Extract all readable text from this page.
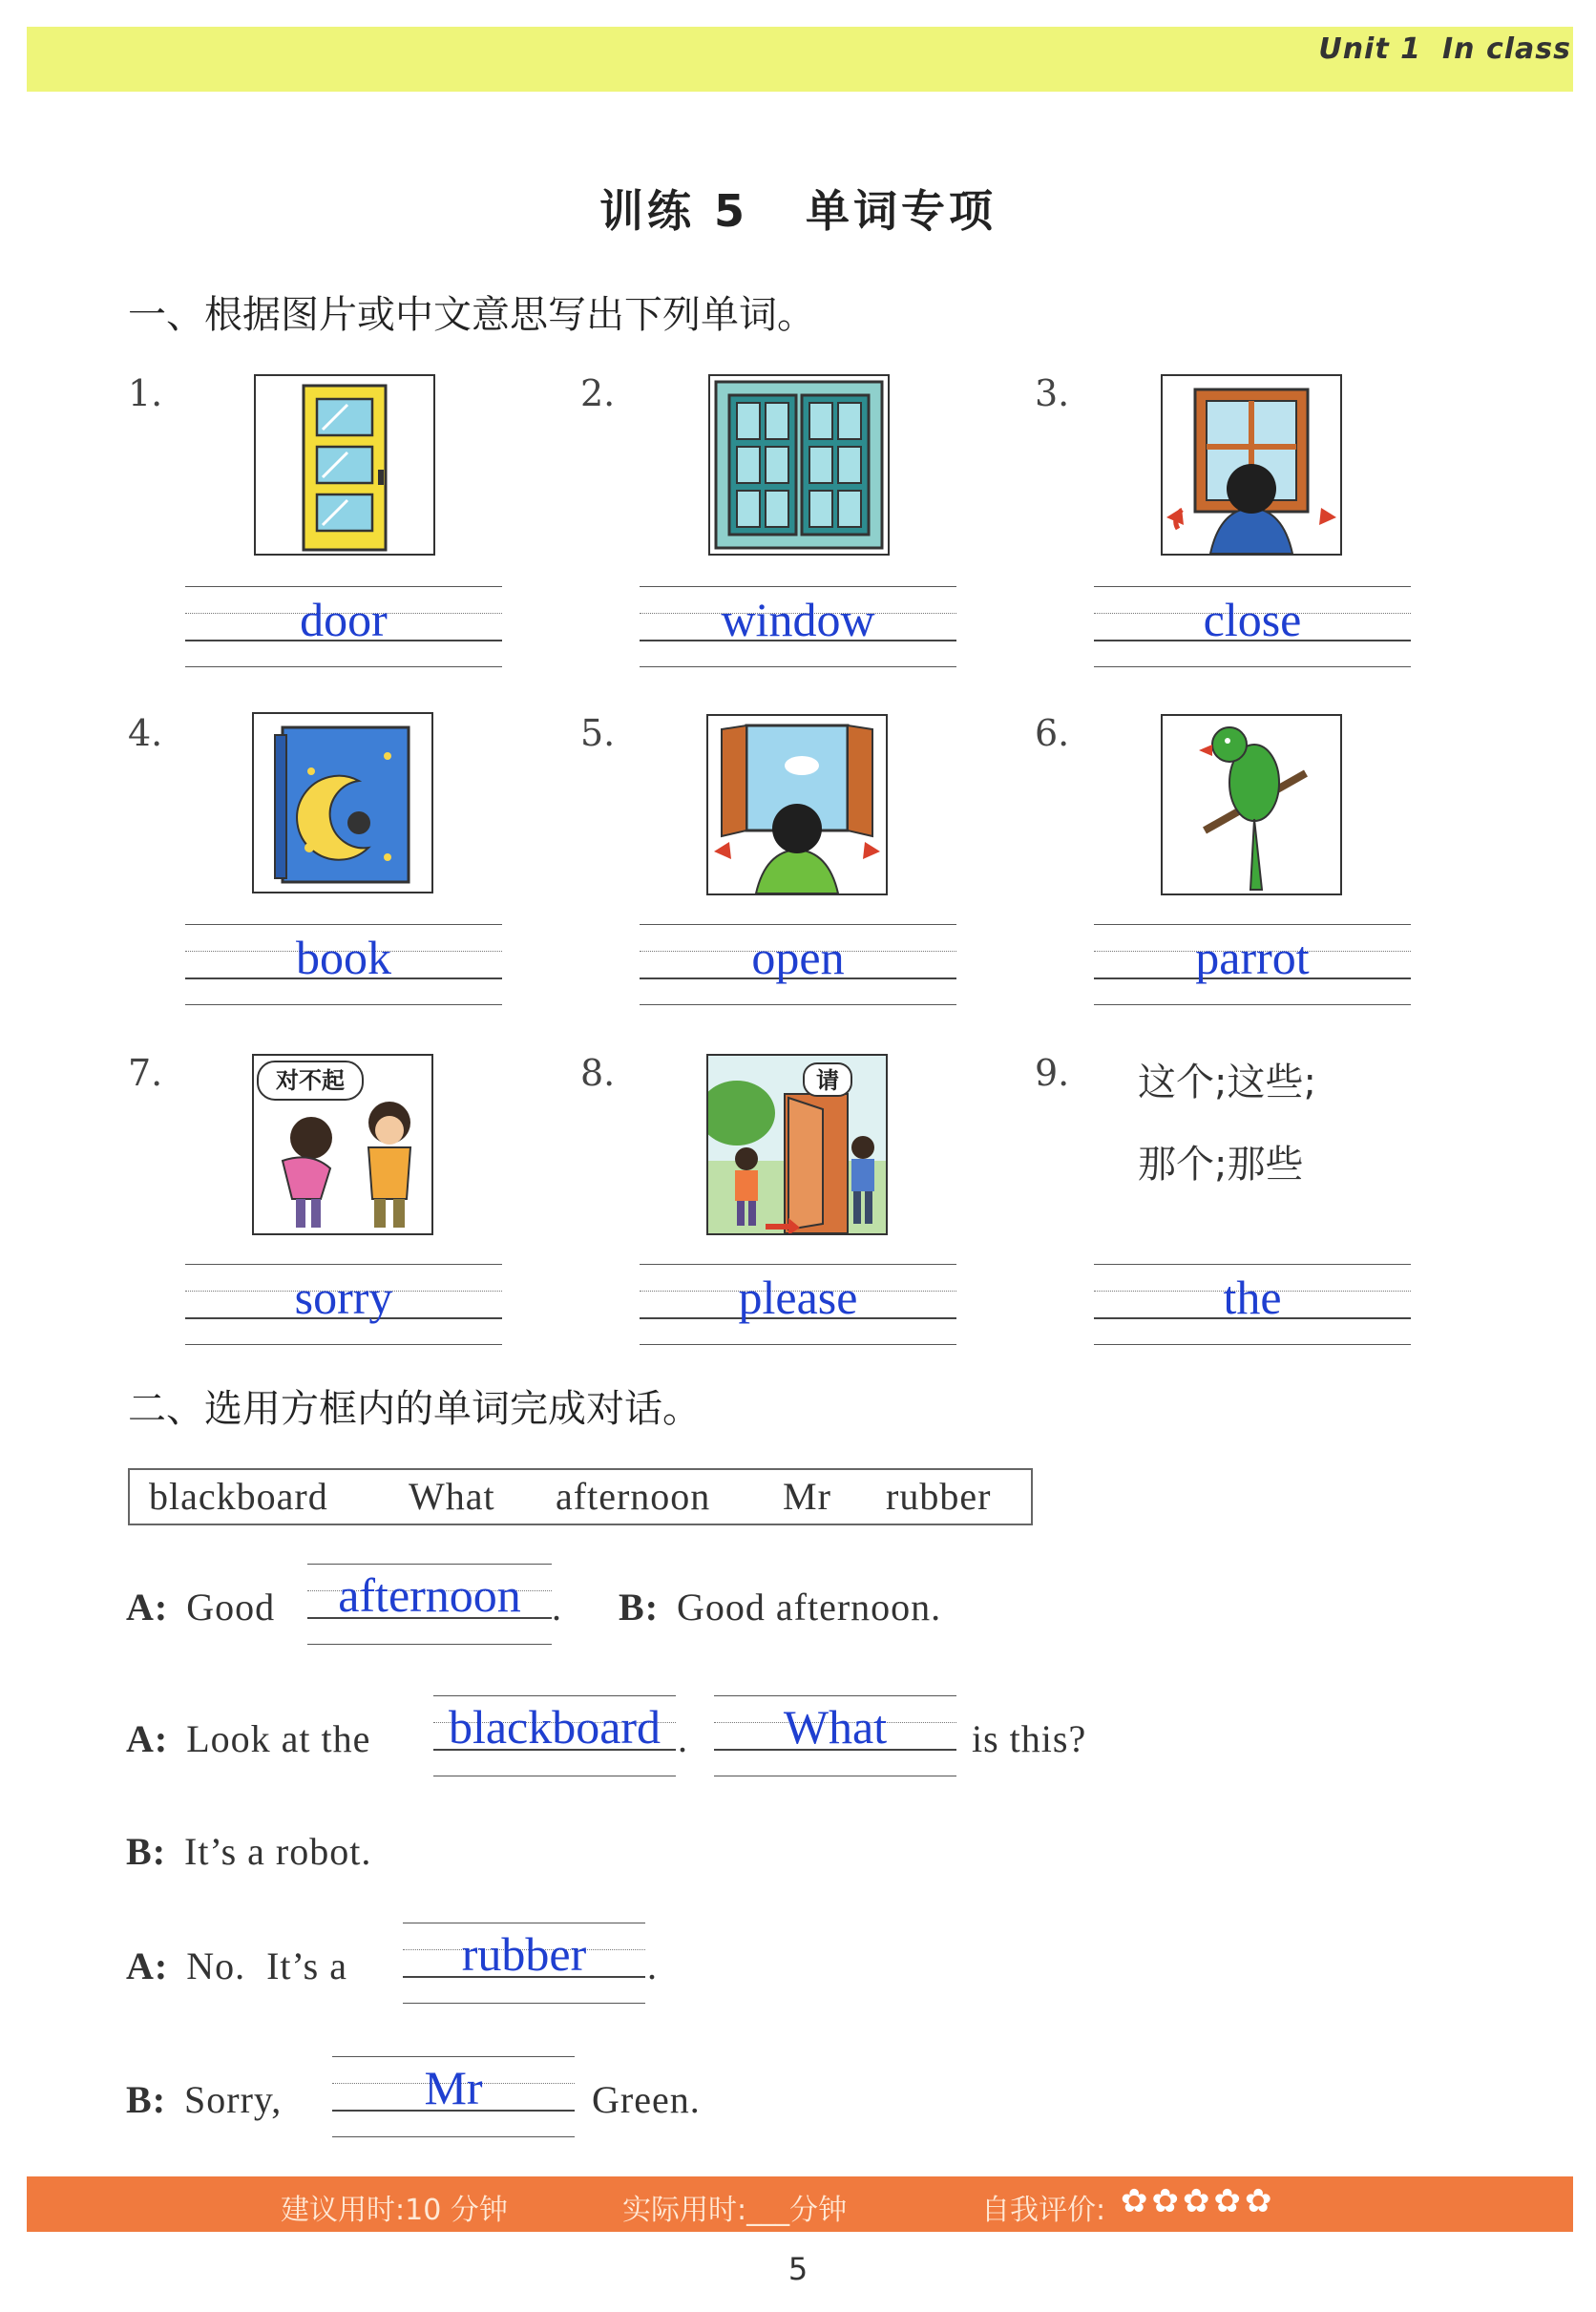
Unit 1 In class
训练 5   单词专项
一、根据图片或中文意思写出下列单词。
1.
door
2.
window
3.
close
4.
book
5.
open
6.
parrot
7.	对不起
sorry
8.	请
please
9. 这个;这些;
那个;那些
the
二、选用方框内的单词完成对话。
blackboard What afternoon Mr rubber
A: Good	afternoon . B: Good afternoon.
A: Look at the	blackboard .	What	is this?
B: It’s a robot.
A: No.  It’s a	rubber	.
B: Sorry,	Mr	Green.
建议用时:10 分钟	实际用时:___分钟	自我评价: ✿✿✿✿✿
5
